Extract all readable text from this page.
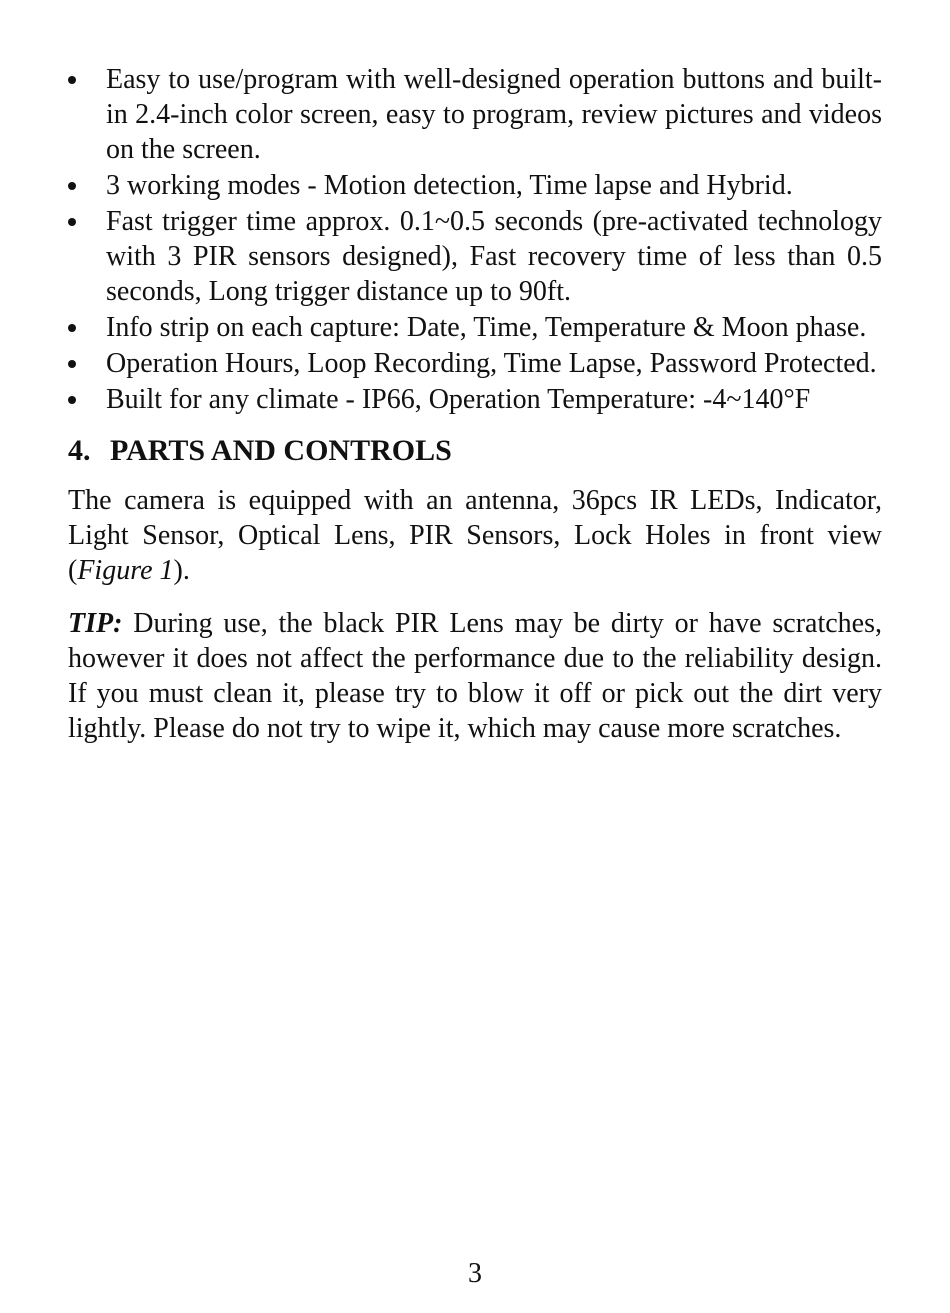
Easy to use/program with well-designed operation buttons and built-in 2.4-inch color screen, easy to program, review pictures and videos on the screen.
3 working modes - Motion detection, Time lapse and Hybrid.
Fast trigger time approx. 0.1~0.5 seconds (pre-activated technology with 3 PIR sensors designed), Fast recovery time of less than 0.5 seconds, Long trigger distance up to 90ft.
Info strip on each capture: Date, Time, Temperature & Moon phase.
Operation Hours, Loop Recording, Time Lapse, Password Protected.
Built for any climate - IP66, Operation Temperature: -4~140°F
4. PARTS AND CONTROLS

The camera is equipped with an antenna, 36pcs IR LEDs, Indicator, Light Sensor, Optical Lens, PIR Sensors, Lock Holes in front view (Figure 1).

TIP: During use, the black PIR Lens may be dirty or have scratches, however it does not affect the performance due to the reliability design. If you must clean it, please try to blow it off or pick out the dirt very lightly. Please do not try to wipe it, which may cause more scratches.

3
